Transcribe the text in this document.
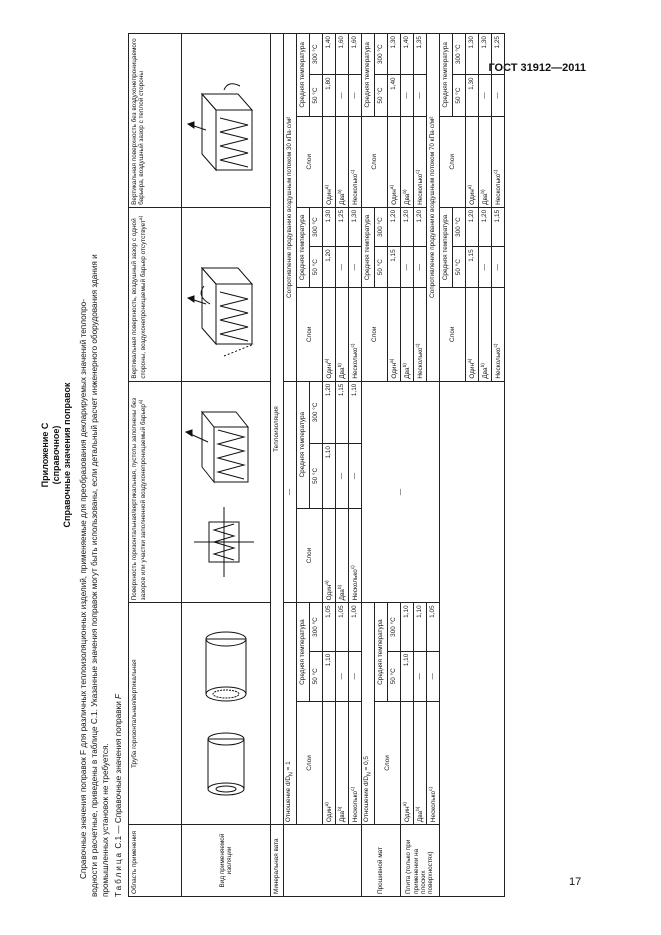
ГОСТ 31912—2011
17
Приложение С (справочное) Справочные значения поправок Справочные значения поправок F для различных теплоизоляционных изделий, применяемые для преобразования декларируемых значений теплопро- водности в расчетные, приведены в таблице С.1. Указанные значения поправок могут быть использованы, если детальный расчет инженерного оборудования здания и промышленных установок не требуется. Таблица С.1 — Справочные значения поправки F
Область применения	Труба горизонтальная/вертикальная			Поверхность горизонтальная/вертикальная, пустоты заполнены без зазоров или участки заполненной воздухонепроницаемый барьер$^{a)}$			Вертикальная поверхность, воздушный зазор с одной стороны, воздухонепроницаемый барьер отсутствует$^{a)}$			Вертикальная поверхность без воздухонепроницаемого барьера, воздушный зазор с теплой стороны		
Вид применяемой изоляции	

Минеральная вата	Теплоизоляция											
	Отношение $d/D_N = 1$			—			Сопротивление продуванию воздушным потоком 30 кПа·с/м²					
	Слои	Средняя температура		Слои	Средняя температура		Слои	Средняя температура		Слои	Средняя температура	
		50 °C	300 °C		50 °C	300 °C		50 °C	300 °C		50 °C	300 °C
	Один$^{a)}$	1,10	1,05	Один$^{a)}$	1,10	1,20	Один$^{a)}$	1,20	1,30	Один$^{a)}$	1,80	1,40
	Два$^{b)}$	—	1,05	Два$^{b)}$	—	1,15	Два$^{b)}$	—	1,25	Два$^{b)}$	—	1,60
	Несколько$^{c)}$	—	1,00	Несколько$^{c)}$	—	1,10	Несколько$^{c)}$	—	1,30	Несколько$^{c)}$	—	1,60
Прошивной мат	Отношение $d/D_N = 0,5$			—			Слои	Средняя температура		Слои	Средняя температура	
	Слои	Средняя температура						50 °C	300 °C		50 °C	300 °C
		50 °C	300 °C				Один$^{a)}$	1,15	1,20	Один$^{a)}$	1,40	1,30
Плита (только при применении на плоских поверхностях)	Один$^{a)}$	1,10	1,10				Два$^{b)}$	—	1,20	Два$^{b)}$	—	1,40
	Два$^{b)}$	—	1,10				Несколько$^{c)}$	—	1,20	Несколько$^{c)}$	—	1,35
	Несколько$^{c)}$	—	1,05				Сопротивление продуванию воздушным потоком 70 кПа·с/м²					
							Слои	Средняя температура		Слои	Средняя температура	
								50 °C	300 °C		50 °C	300 °C
							Один$^{a)}$	1,15	1,20	Один$^{a)}$	1,30	1,30
							Два$^{b)}$	—	1,20	Два$^{b)}$	—	1,30
							Несколько$^{c)}$	—	1,15	Несколько$^{c)}$	—	1,25
